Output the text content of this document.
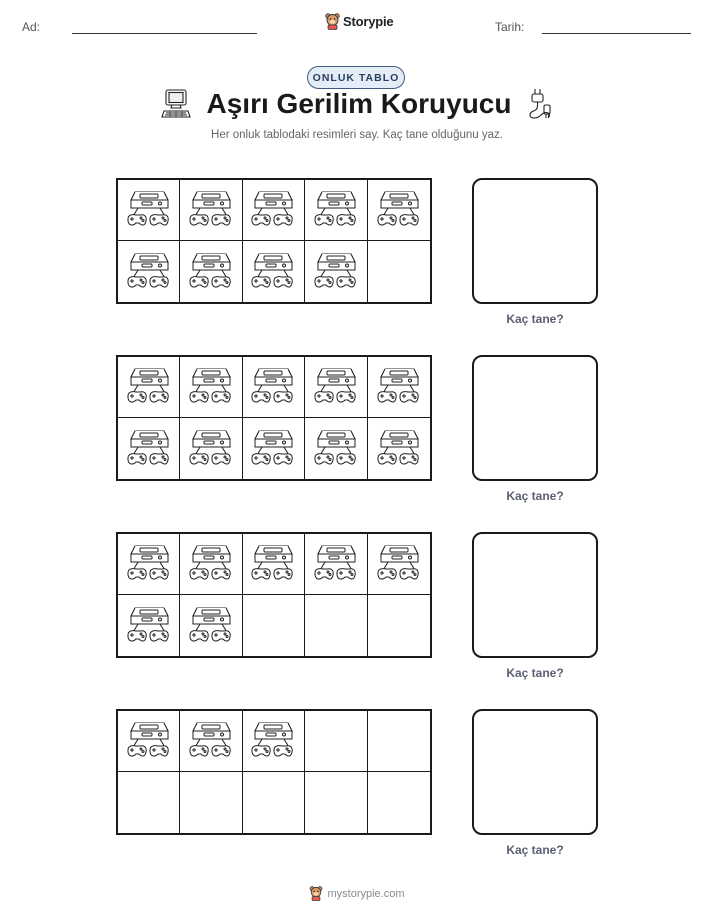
Ad:	Storypie	Tarih:
ONLUK TABLO
Aşırı Gerilim Koruyucu
Her onluk tablodaki resimleri say. Kaç tane olduğunu yaz.
Kaç tane?
Kaç tane?
Kaç tane?
Kaç tane?
mystorypie.com
